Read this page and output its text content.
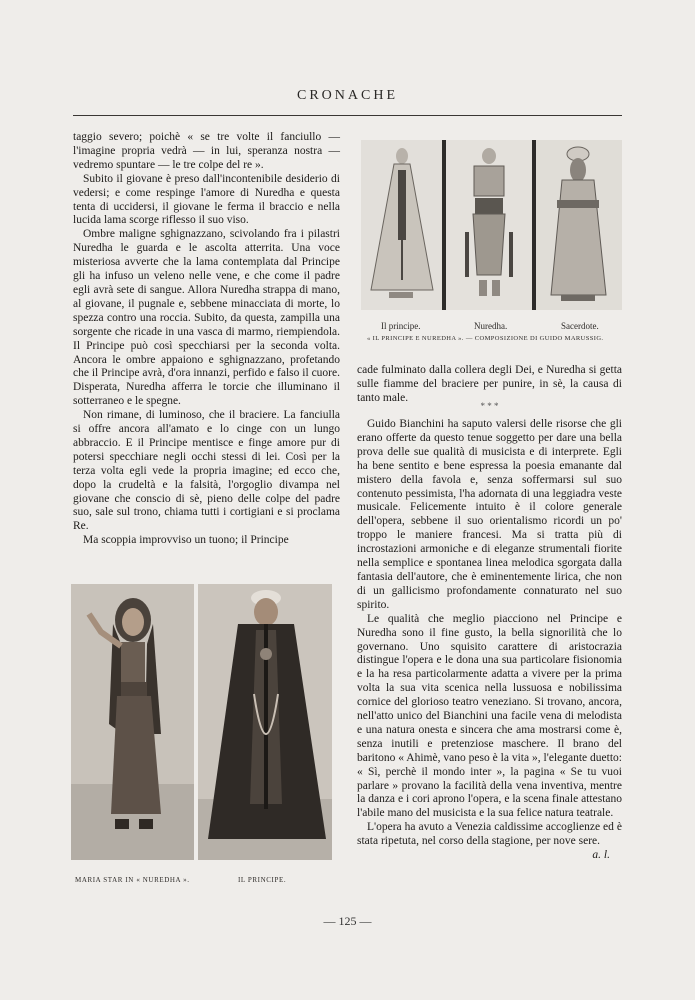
CRONACHE

taggio severo; poichè « se tre volte il fanciullo — l'imagine propria vedrà — in lui, speranza nostra — vedremo spuntare — le tre colpe del re ».

Subito il giovane è preso dall'incontenibile desiderio di vedersi; e come respinge l'amore di Nuredha e questa tenta di uccidersi, il giovane le ferma il braccio e nella lucida lama scorge riflesso il suo viso.

Ombre maligne sghignazzano, scivolando fra i pilastri Nuredha le guarda e le ascolta atterrita. Una voce misteriosa avverte che la lama contemplata dal Principe gli ha infuso un veleno nelle vene, e che come il padre egli avrà sete di sangue. Allora Nuredha strappa di mano, al giovane, il pugnale e, sebbene minacciata di morte, lo spezza contro una roccia. Subito, da questa, zampilla una sorgente che ricade in una vasca di marmo, riempiendola. Il Principe può così specchiarsi per la seconda volta. Ancora le ombre appaiono e sghignazzano, profetando che il Principe avrà, d'ora innanzi, perfido e falso il cuore. Disperata, Nuredha afferra le torcie che illuminano il sotterraneo e le spegne.

Non rimane, di luminoso, che il braciere. La fanciulla si offre ancora all'amato e lo cinge con un lungo abbraccio. E il Principe mentisce e finge amore pur di potersi specchiare negli occhi stessi di lei. Così per la terza volta egli vede la propria imagine; ed ecco che, dopo la crudeltà e la falsità, l'orgoglio divampa nel giovane che conscio di sè, pieno delle colpe del padre suo, sale sul trono, chiama tutti i cortigiani e si proclama Re.

Ma scoppia improvviso un tuono; il Principe

Il principe.	Nuredha.	Sacerdote.
« IL PRINCIPE E NUREDHA ». — COMPOSIZIONE DI GUIDO MARUSSIG.
cade fulminato dalla collera degli Dei, e Nuredha si getta sulle fiamme del braciere per punire, in sè, la causa di tanto male.
* * *

Guido Bianchini ha saputo valersi delle risorse che gli erano offerte da questo tenue soggetto per dare una bella prova delle sue qualità di musicista e di interprete. Egli ha bene sentito e bene espressa la poesia emanante dal mistero della favola e, senza soffermarsi sul suo contenuto pessimista, l'ha adornata di una leggiadra veste musicale. Felicemente intuito è il colore generale dell'opera, sebbene il suo orientalismo ricordi un po' troppo le maniere francesi. Ma si tratta più di incrostazioni armoniche e di eleganze strumentali fiorite nella semplice e spontanea linea melodica sgorgata dalla fantasia dell'autore, che è eminentemente lirica, che non di un gallicismo profondamente connaturato nel suo spirito.

Le qualità che meglio piacciono nel Principe e Nuredha sono il fine gusto, la bella signorilità che lo governano. Uno squisito carattere di aristocrazia distingue l'opera e le dona una sua particolare fisionomia e la ha resa particolarmente adatta a vivere per la prima volta la sua vita scenica nella lussuosa e nobilissima cornice del glorioso teatro veneziano. Si trovano, ancora, nell'atto unico del Bianchini una facile vena di melodista e una natura onesta e sincera che ama mostrarsi come è, senza inutili e pretenziose maschere. Il brano del baritono « Ahimè, vano peso è la vita », l'elegante duetto: « Sì, perchè il mondo inter », la pagina « Se tu vuoi parlare » provano la facilità della vena inventiva, mentre la danza e i cori aprono l'opera, e la scena finale attestano l'abile mano del musicista e la sua felice natura teatrale.

L'opera ha avuto a Venezia caldissime accoglienze ed è stata ripetuta, nel corso della stagione, per nove sere.
a. l.

MARIA STAR IN « NUREDHA ».	IL PRINCIPE.
— 125 —
